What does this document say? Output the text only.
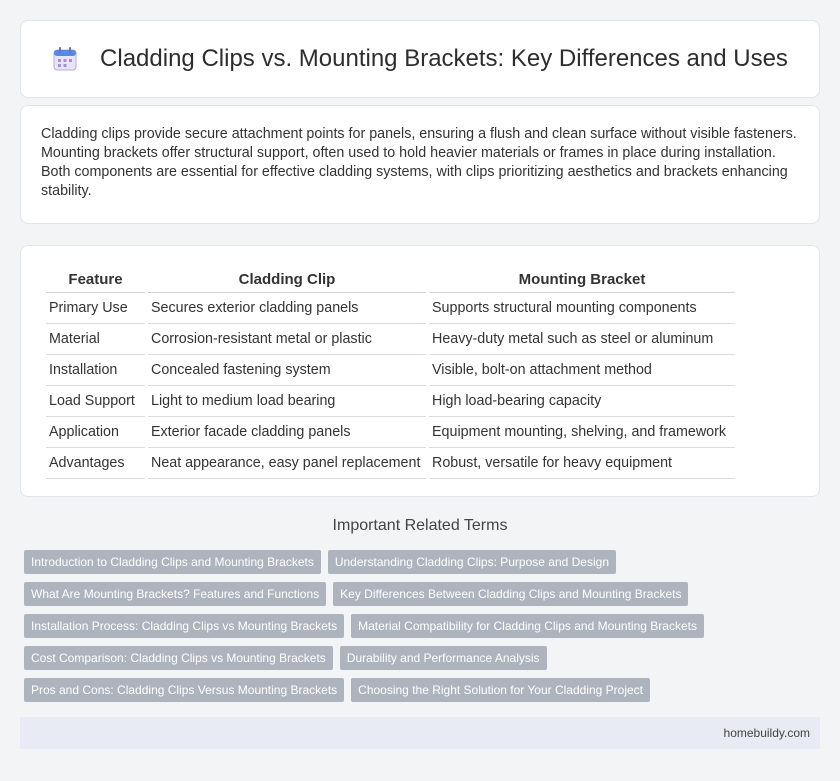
Cladding Clips vs. Mounting Brackets: Key Differences and Uses

Cladding clips provide secure attachment points for panels, ensuring a flush and clean surface without visible fasteners. Mounting brackets offer structural support, often used to hold heavier materials or frames in place during installation. Both components are essential for effective cladding systems, with clips prioritizing aesthetics and brackets enhancing stability.

Feature	Cladding Clip	Mounting Bracket
Primary Use	Secures exterior cladding panels	Supports structural mounting components
Material	Corrosion-resistant metal or plastic	Heavy-duty metal such as steel or aluminum
Installation	Concealed fastening system	Visible, bolt-on attachment method
Load Support	Light to medium load bearing	High load-bearing capacity
Application	Exterior facade cladding panels	Equipment mounting, shelving, and framework
Advantages	Neat appearance, easy panel replacement	Robust, versatile for heavy equipment
Important Related Terms
Introduction to Cladding Clips and Mounting Brackets	Understanding Cladding Clips: Purpose and Design
What Are Mounting Brackets? Features and Functions	Key Differences Between Cladding Clips and Mounting Brackets
Installation Process: Cladding Clips vs Mounting Brackets	Material Compatibility for Cladding Clips and Mounting Brackets
Cost Comparison: Cladding Clips vs Mounting Brackets	Durability and Performance Analysis
Pros and Cons: Cladding Clips Versus Mounting Brackets	Choosing the Right Solution for Your Cladding Project
homebuildy.com
